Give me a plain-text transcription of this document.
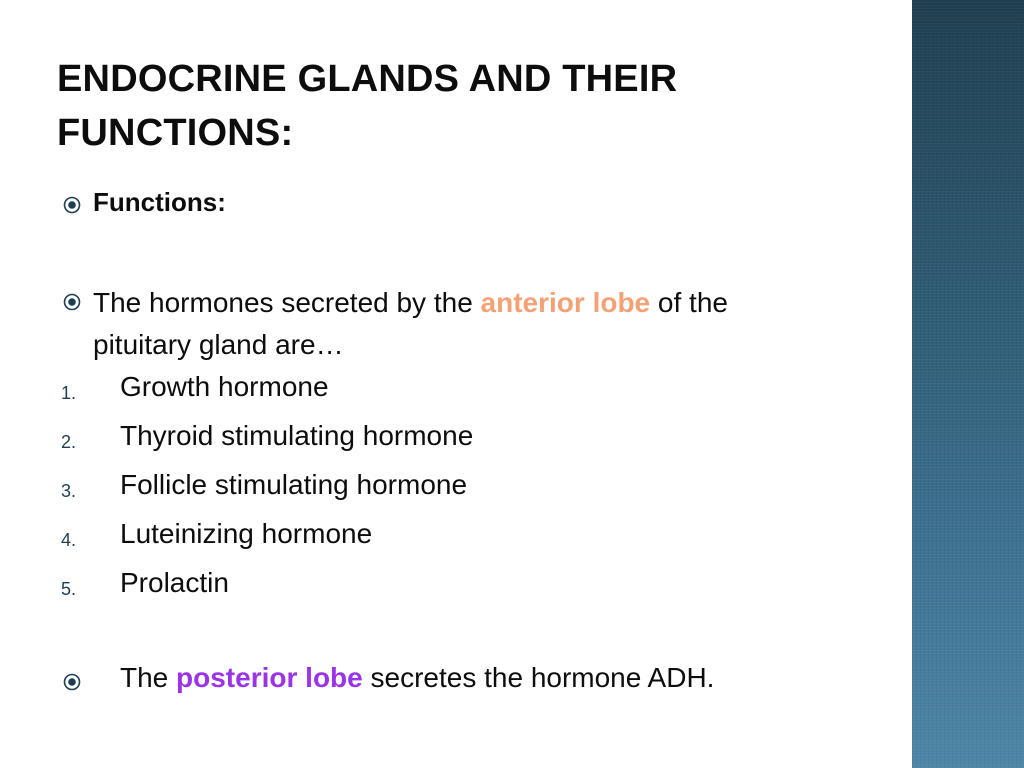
ENDOCRINE GLANDS AND THEIR FUNCTIONS:
Functions:
The hormones secreted by the anterior lobe of the pituitary gland are…
1. Growth hormone
2. Thyroid stimulating hormone
3. Follicle stimulating hormone
4. Luteinizing hormone
5. Prolactin
The posterior lobe secretes the hormone ADH.
